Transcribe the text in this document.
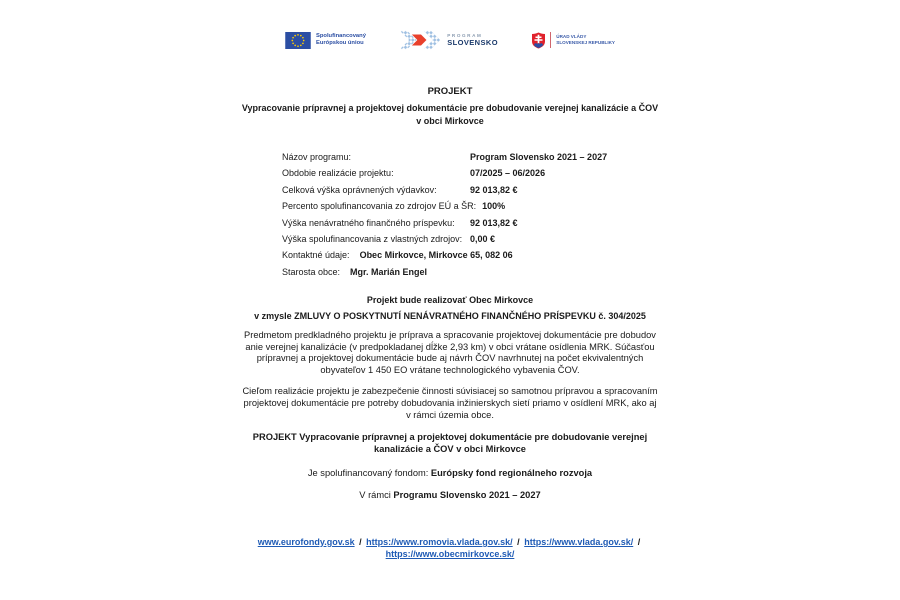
Spolufinancovaný
Európskou úniou
PROGRAM
SLOVENSKO
ÚRAD VLÁDY
SLOVENSKEJ REPUBLIKY
PROJEKT
Vypracovanie prípravnej a projektovej dokumentácie pre dobudovanie verejnej kanalizácie a ČOV
v obci Mirkovce
Názov programu:	Program Slovensko 2021 – 2027
Obdobie realizácie projektu:	07/2025 – 06/2026
Celková výška oprávnených výdavkov:	92 013,82 €
Percento spolufinancovania zo zdrojov EÚ a ŠR: 100%
Výška nenávratného finančného príspevku:	92 013,82 €
Výška spolufinancovania z vlastných zdrojov: 0,00 €
Kontaktné údaje:	Obec Mirkovce, Mirkovce 65, 082 06
Starosta obce:	Mgr. Marián Engel
Projekt bude realizovať Obec Mirkovce
v zmysle ZMLUVY O POSKYTNUTÍ NENÁVRATNÉHO FINANČNÉHO PRÍSPEVKU č. 304/2025
Predmetom predkladného projektu je príprava a spracovanie projektovej dokumentácie pre dobudov anie verejnej kanalizácie (v predpokladanej dĺžke 2,93 km) v obci vrátane osídlenia MRK. Súčasťou prípravnej a projektovej dokumentácie bude aj návrh ČOV navrhnutej na počet ekvivalentných obyvateľov 1 450 EO vrátane technologického vybavenia ČOV.
Cieľom realizácie projektu je zabezpečenie činnosti súvisiacej so samotnou prípravou a spracovaním projektovej dokumentácie pre potreby dobudovania inžinierskych sietí priamo v osídlení MRK, ako aj v rámci územia obce.
PROJEKT Vypracovanie prípravnej a projektovej dokumentácie pre dobudovanie verejnej kanalizácie a ČOV v obci Mirkovce
Je spolufinancovaný fondom: Európsky fond regionálneho rozvoja
V rámci Programu Slovensko 2021 – 2027
www.eurofondy.gov.sk / https://www.romovia.vlada.gov.sk/ / https://www.vlada.gov.sk/ /
https://www.obecmirkovce.sk/
